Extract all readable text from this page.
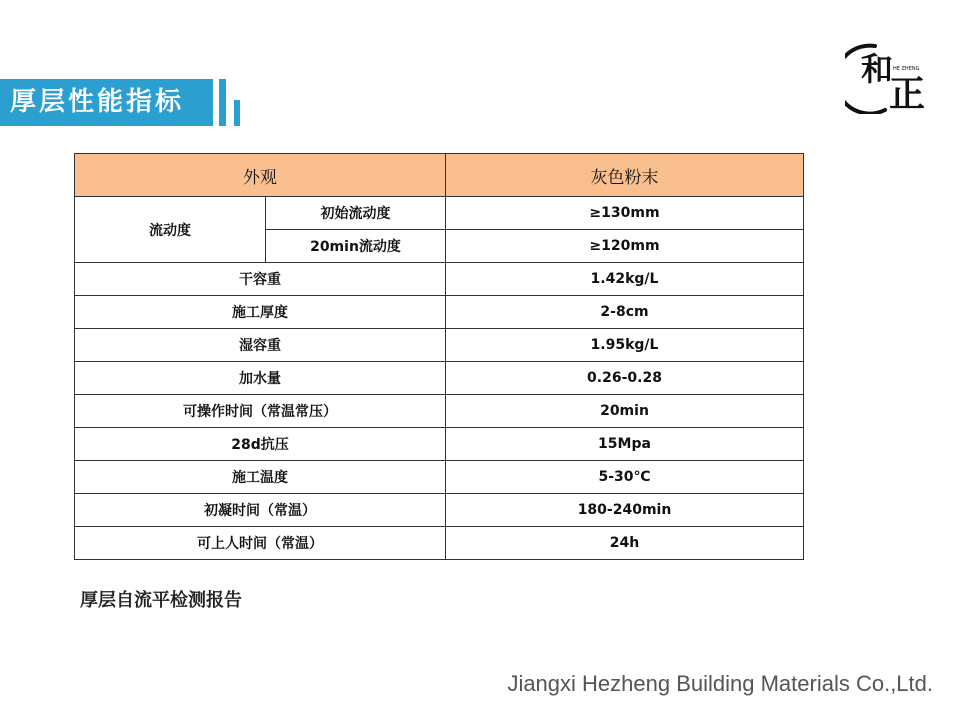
厚层性能指标
和
正
HE ZHENG
外观		灰色粉末
流动度	初始流动度	≥130mm
	20min流动度	≥120mm
干容重		1.42kg/L
施工厚度		2-8cm
湿容重		1.95kg/L
加水量		0.26-0.28
可操作时间（常温常压）		20min
28d抗压		15Mpa
施工温度		5-30℃
初凝时间（常温）		180-240min
可上人时间（常温）		24h
厚层自流平检测报告
Jiangxi Hezheng Building Materials Co.,Ltd.
